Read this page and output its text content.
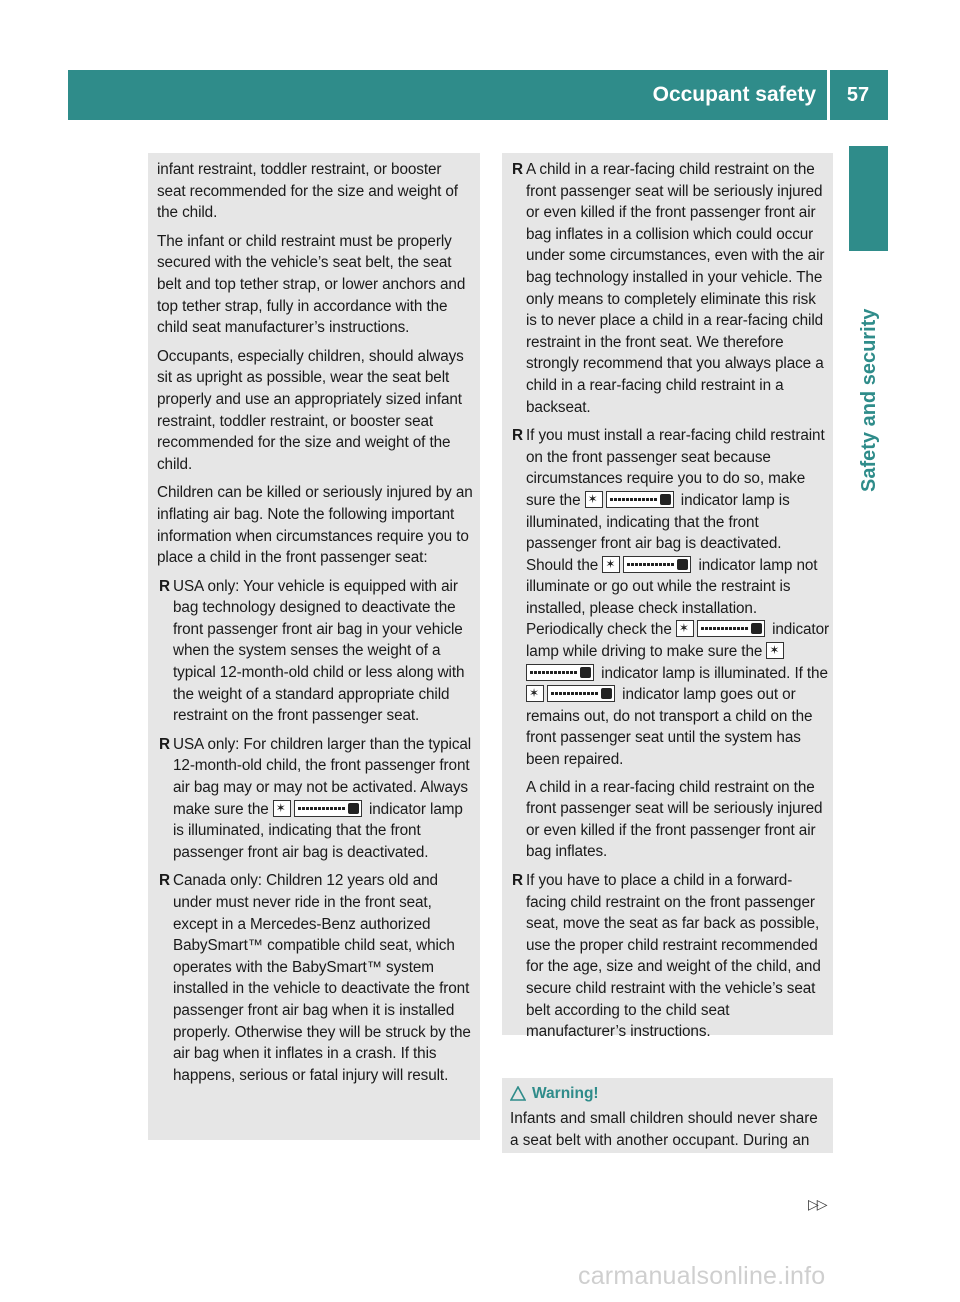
Occupant safety	57
Safety and security

infant restraint, toddler restraint, or booster seat recommended for the size and weight of the child.

The infant or child restraint must be properly secured with the vehicle’s seat belt, the seat belt and top tether strap, or lower anchors and top tether strap, fully in accordance with the child seat manufacturer’s instructions.

Occupants, especially children, should always sit as upright as possible, wear the seat belt properly and use an appropriately sized infant restraint, toddler restraint, or booster seat recommended for the size and weight of the child.

Children can be killed or seriously injured by an inflating air bag. Note the following important information when circumstances require you to place a child in the front passenger seat:

R USA only: Your vehicle is equipped with air bag technology designed to deactivate the front passenger front air bag in your vehicle when the system senses the weight of a typical 12-month-old child or less along with the weight of a standard appropriate child restraint on the front passenger seat.
R USA only: For children larger than the typical 12-month-old child, the front passenger front air bag may or may not be activated. Always make sure the ✶	indicator lamp is illuminated, indicating that the front passenger front air bag is deactivated.
R Canada only: Children 12 years old and under must never ride in the front seat, except in a Mercedes-Benz authorized BabySmart™ compatible child seat, which operates with the BabySmart™ system installed in the vehicle to deactivate the front passenger front air bag when it is installed properly. Otherwise they will be struck by the air bag when it inflates in a crash. If this happens, serious or fatal injury will result.
R A child in a rear-facing child restraint on the front passenger seat will be seriously injured or even killed if the front passenger front air bag inflates in a collision which could occur under some circumstances, even with the air bag technology installed in your vehicle. The only means to completely eliminate this risk is to never place a child in a rear-facing child restraint in the front seat. We therefore strongly recommend that you always place a child in a rear-facing child restraint in a backseat.
R If you must install a rear-facing child restraint on the front passenger seat because circumstances require you to do so, make sure the ✶	indicator lamp is illuminated, indicating that the front passenger front air bag is deactivated. Should the ✶	indicator lamp not illuminate or go out while the restraint is installed, please check installation. Periodically check the ✶	indicator lamp while driving to make sure the ✶ indicator lamp is illuminated. If the ✶ indicator lamp goes out or remains out, do not transport a child on the front passenger seat until the system has been repaired.

A child in a rear-facing child restraint on the front passenger seat will be seriously injured or even killed if the front passenger front air bag inflates.

R If you have to place a child in a forward-facing child restraint on the front passenger seat, move the seat as far back as possible, use the proper child restraint recommended for the age, size and weight of the child, and secure child restraint with the vehicle’s seat belt according to the child seat manufacturer’s instructions.
Warning!
Infants and small children should never share a seat belt with another occupant. During an
▷▷
carmanualsonline.info
